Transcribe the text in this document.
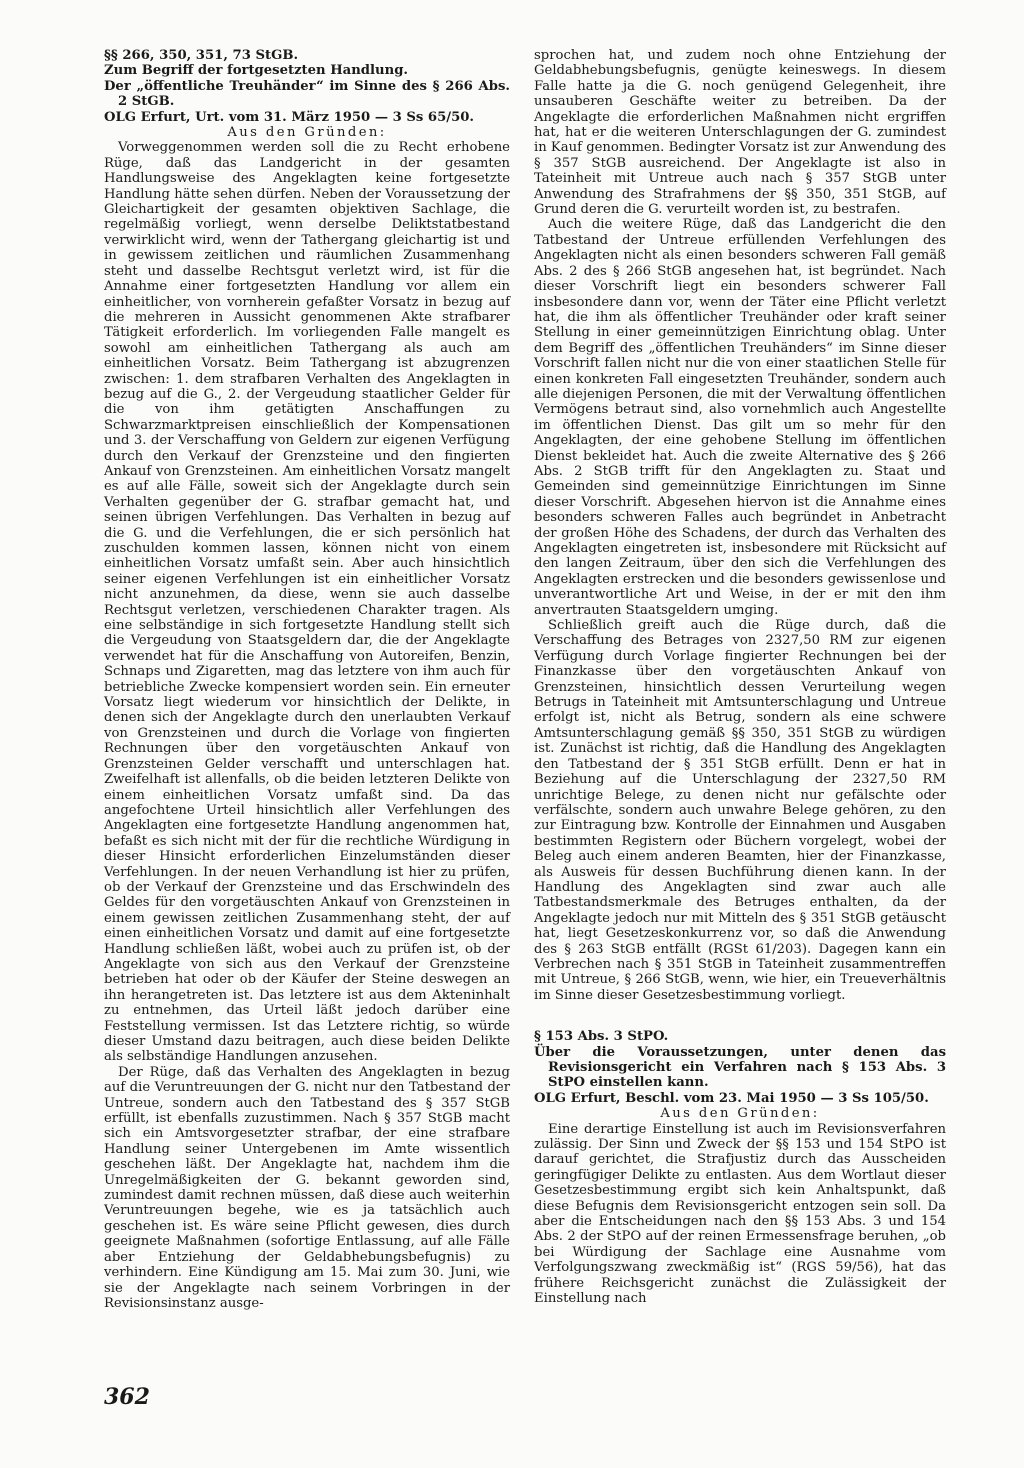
§§ 266, 350, 351, 73 StGB.

Zum Begriff der fortgesetzten Handlung.

Der „öffentliche Treuhänder“ im Sinne des § 266 Abs. 2 StGB.

OLG Erfurt, Urt. vom 31. März 1950 — 3 Ss 65/50.

Aus den Gründen:

Vorweggenommen werden soll die zu Recht erhobene Rüge, daß das Landgericht in der gesamten Handlungsweise des Angeklagten keine fortgesetzte Handlung hätte sehen dürfen. Neben der Voraussetzung der Gleichartigkeit der gesamten objektiven Sachlage, die regelmäßig vorliegt, wenn derselbe Deliktstatbestand verwirklicht wird, wenn der Tathergang gleichartig ist und in gewissem zeitlichen und räumlichen Zusammenhang steht und dasselbe Rechtsgut verletzt wird, ist für die Annahme einer fortgesetzten Handlung vor allem ein einheitlicher, von vornherein gefaßter Vorsatz in bezug auf die mehreren in Aussicht genommenen Akte strafbarer Tätigkeit erforderlich. Im vorliegenden Falle mangelt es sowohl am einheitlichen Tathergang als auch am einheitlichen Vorsatz. Beim Tathergang ist abzugrenzen zwischen: 1. dem strafbaren Verhalten des Angeklagten in bezug auf die G., 2. der Vergeudung staatlicher Gelder für die von ihm getätigten Anschaffungen zu Schwarzmarktpreisen einschließlich der Kompensationen und 3. der Verschaffung von Geldern zur eigenen Verfügung durch den Verkauf der Grenzsteine und den fingierten Ankauf von Grenzsteinen. Am einheitlichen Vorsatz mangelt es auf alle Fälle, soweit sich der Angeklagte durch sein Verhalten gegenüber der G. strafbar gemacht hat, und seinen übrigen Verfehlungen. Das Verhalten in bezug auf die G. und die Verfehlungen, die er sich persönlich hat zuschulden kommen lassen, können nicht von einem einheitlichen Vorsatz umfaßt sein. Aber auch hinsichtlich seiner eigenen Verfehlungen ist ein einheitlicher Vorsatz nicht anzunehmen, da diese, wenn sie auch dasselbe Rechtsgut verletzen, verschiedenen Charakter tragen. Als eine selbständige in sich fortgesetzte Handlung stellt sich die Vergeudung von Staatsgeldern dar, die der Angeklagte verwendet hat für die Anschaffung von Autoreifen, Benzin, Schnaps und Zigaretten, mag das letztere von ihm auch für betriebliche Zwecke kompensiert worden sein. Ein erneuter Vorsatz liegt wiederum vor hinsichtlich der Delikte, in denen sich der Angeklagte durch den unerlaubten Verkauf von Grenzsteinen und durch die Vorlage von fingierten Rechnungen über den vorgetäuschten Ankauf von Grenzsteinen Gelder verschafft und unterschlagen hat. Zweifelhaft ist allenfalls, ob die beiden letzteren Delikte von einem einheitlichen Vorsatz umfaßt sind. Da das angefochtene Urteil hinsichtlich aller Verfehlungen des Angeklagten eine fortgesetzte Handlung angenommen hat, befaßt es sich nicht mit der für die rechtliche Würdigung in dieser Hinsicht erforderlichen Einzelumständen dieser Verfehlungen. In der neuen Verhandlung ist hier zu prüfen, ob der Verkauf der Grenzsteine und das Erschwindeln des Geldes für den vorgetäuschten Ankauf von Grenzsteinen in einem gewissen zeitlichen Zusammenhang steht, der auf einen einheitlichen Vorsatz und damit auf eine fortgesetzte Handlung schließen läßt, wobei auch zu prüfen ist, ob der Angeklagte von sich aus den Verkauf der Grenzsteine betrieben hat oder ob der Käufer der Steine deswegen an ihn herangetreten ist. Das letztere ist aus dem Akteninhalt zu entnehmen, das Urteil läßt jedoch darüber eine Feststellung vermissen. Ist das Letztere richtig, so würde dieser Umstand dazu beitragen, auch diese beiden Delikte als selbständige Handlungen anzusehen.

Der Rüge, daß das Verhalten des Angeklagten in bezug auf die Veruntreuungen der G. nicht nur den Tatbestand der Untreue, sondern auch den Tatbestand des § 357 StGB erfüllt, ist ebenfalls zuzustimmen. Nach § 357 StGB macht sich ein Amtsvorgesetzter strafbar, der eine strafbare Handlung seiner Untergebenen im Amte wissentlich geschehen läßt. Der Angeklagte hat, nachdem ihm die Unregelmäßigkeiten der G. bekannt geworden sind, zumindest damit rechnen müssen, daß diese auch weiterhin Veruntreuungen begehe, wie es ja tatsächlich auch geschehen ist. Es wäre seine Pflicht gewesen, dies durch geeignete Maßnahmen (sofortige Entlassung, auf alle Fälle aber Entziehung der Geldabhebungsbefugnis) zu verhindern. Eine Kündigung am 15. Mai zum 30. Juni, wie sie der Angeklagte nach seinem Vorbringen in der Revisionsinstanz ausge-

sprochen hat, und zudem noch ohne Entziehung der Geldabhebungsbefugnis, genügte keineswegs. In diesem Falle hatte ja die G. noch genügend Gelegenheit, ihre unsauberen Geschäfte weiter zu betreiben. Da der Angeklagte die erforderlichen Maßnahmen nicht ergriffen hat, hat er die weiteren Unterschlagungen der G. zumindest in Kauf genommen. Bedingter Vorsatz ist zur Anwendung des § 357 StGB ausreichend. Der Angeklagte ist also in Tateinheit mit Untreue auch nach § 357 StGB unter Anwendung des Strafrahmens der §§ 350, 351 StGB, auf Grund deren die G. verurteilt worden ist, zu bestrafen.

Auch die weitere Rüge, daß das Landgericht die den Tatbestand der Untreue erfüllenden Verfehlungen des Angeklagten nicht als einen besonders schweren Fall gemäß Abs. 2 des § 266 StGB angesehen hat, ist begründet. Nach dieser Vorschrift liegt ein besonders schwerer Fall insbesondere dann vor, wenn der Täter eine Pflicht verletzt hat, die ihm als öffentlicher Treuhänder oder kraft seiner Stellung in einer gemeinnützigen Einrichtung oblag. Unter dem Begriff des „öffentlichen Treuhänders“ im Sinne dieser Vorschrift fallen nicht nur die von einer staatlichen Stelle für einen konkreten Fall eingesetzten Treuhänder, sondern auch alle diejenigen Personen, die mit der Verwaltung öffentlichen Vermögens betraut sind, also vornehmlich auch Angestellte im öffentlichen Dienst. Das gilt um so mehr für den Angeklagten, der eine gehobene Stellung im öffentlichen Dienst bekleidet hat. Auch die zweite Alternative des § 266 Abs. 2 StGB trifft für den Angeklagten zu. Staat und Gemeinden sind gemeinnützige Einrichtungen im Sinne dieser Vorschrift. Abgesehen hiervon ist die Annahme eines besonders schweren Falles auch begründet in Anbetracht der großen Höhe des Schadens, der durch das Verhalten des Angeklagten eingetreten ist, insbesondere mit Rücksicht auf den langen Zeitraum, über den sich die Verfehlungen des Angeklagten erstrecken und die besonders gewissenlose und unverantwortliche Art und Weise, in der er mit den ihm anvertrauten Staatsgeldern umging.

Schließlich greift auch die Rüge durch, daß die Verschaffung des Betrages von 2327,50 RM zur eigenen Verfügung durch Vorlage fingierter Rechnungen bei der Finanzkasse über den vorgetäuschten Ankauf von Grenzsteinen, hinsichtlich dessen Verurteilung wegen Betrugs in Tateinheit mit Amtsunterschlagung und Untreue erfolgt ist, nicht als Betrug, sondern als eine schwere Amtsunterschlagung gemäß §§ 350, 351 StGB zu würdigen ist. Zunächst ist richtig, daß die Handlung des Angeklagten den Tatbestand der § 351 StGB erfüllt. Denn er hat in Beziehung auf die Unterschlagung der 2327,50 RM unrichtige Belege, zu denen nicht nur gefälschte oder verfälschte, sondern auch unwahre Belege gehören, zu den zur Eintragung bzw. Kontrolle der Einnahmen und Ausgaben bestimmten Registern oder Büchern vorgelegt, wobei der Beleg auch einem anderen Beamten, hier der Finanzkasse, als Ausweis für dessen Buchführung dienen kann. In der Handlung des Angeklagten sind zwar auch alle Tatbestandsmerkmale des Betruges enthalten, da der Angeklagte jedoch nur mit Mitteln des § 351 StGB getäuscht hat, liegt Gesetzeskonkurrenz vor, so daß die Anwendung des § 263 StGB entfällt (RGSt 61/203). Dagegen kann ein Verbrechen nach § 351 StGB in Tateinheit zusammentreffen mit Untreue, § 266 StGB, wenn, wie hier, ein Treueverhältnis im Sinne dieser Gesetzesbestimmung vorliegt.

§ 153 Abs. 3 StPO.

Über die Voraussetzungen, unter denen das Revisionsgericht ein Verfahren nach § 153 Abs. 3 StPO einstellen kann.

OLG Erfurt, Beschl. vom 23. Mai 1950 — 3 Ss 105/50.

Aus den Gründen:

Eine derartige Einstellung ist auch im Revisionsverfahren zulässig. Der Sinn und Zweck der §§ 153 und 154 StPO ist darauf gerichtet, die Strafjustiz durch das Ausscheiden geringfügiger Delikte zu entlasten. Aus dem Wortlaut dieser Gesetzesbestimmung ergibt sich kein Anhaltspunkt, daß diese Befugnis dem Revisionsgericht entzogen sein soll. Da aber die Entscheidungen nach den §§ 153 Abs. 3 und 154 Abs. 2 der StPO auf der reinen Ermessensfrage beruhen, „ob bei Würdigung der Sachlage eine Ausnahme vom Verfolgungszwang zweckmäßig ist“ (RGS 59/56), hat das frühere Reichsgericht zunächst die Zulässigkeit der Einstellung nach

362
